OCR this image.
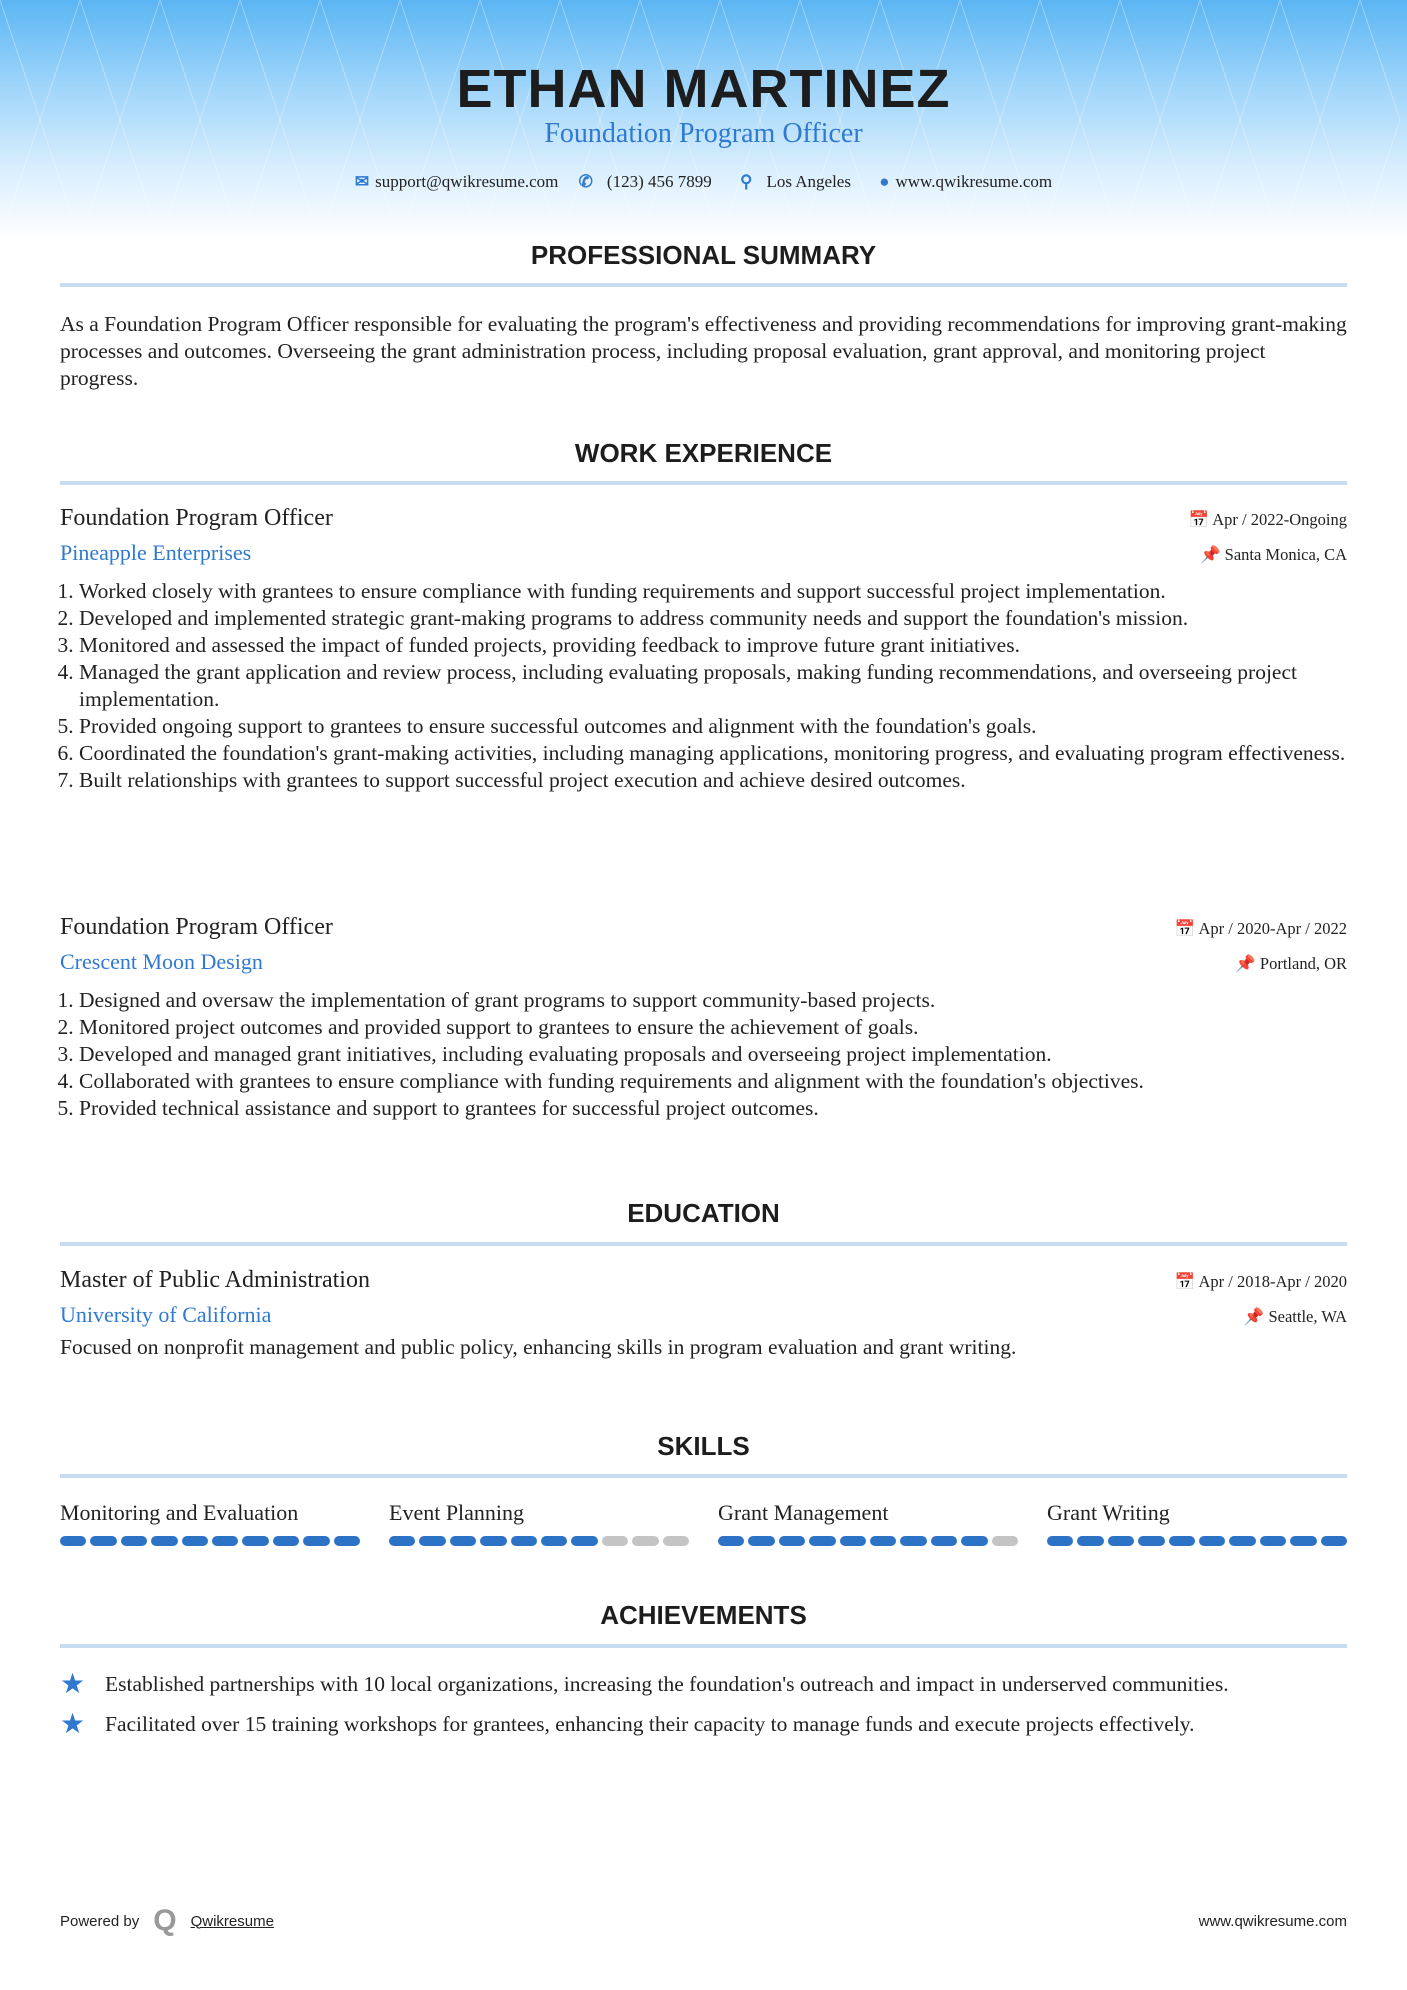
ETHAN MARTINEZ
Foundation Program Officer
✉ support@qwikresume.com ✆ (123) 456 7899 ⚲ Los Angeles ● www.qwikresume.com
PROFESSIONAL SUMMARY

As a Foundation Program Officer responsible for evaluating the program's effectiveness and providing recommendations for improving grant-making processes and outcomes. Overseeing the grant administration process, including proposal evaluation, grant approval, and monitoring project progress.

WORK EXPERIENCE
Foundation Program Officer	📅 Apr / 2022-Ongoing
Pineapple Enterprises	📌 Santa Monica, CA
1. Worked closely with grantees to ensure compliance with funding requirements and support successful project implementation.
2. Developed and implemented strategic grant-making programs to address community needs and support the foundation's mission.
3. Monitored and assessed the impact of funded projects, providing feedback to improve future grant initiatives.
4. Managed the grant application and review process, including evaluating proposals, making funding recommendations, and overseeing project implementation.
5. Provided ongoing support to grantees to ensure successful outcomes and alignment with the foundation's goals.
6. Coordinated the foundation's grant-making activities, including managing applications, monitoring progress, and evaluating program effectiveness.
7. Built relationships with grantees to support successful project execution and achieve desired outcomes.
Foundation Program Officer	📅 Apr / 2020-Apr / 2022
Crescent Moon Design	📌 Portland, OR
1. Designed and oversaw the implementation of grant programs to support community-based projects.
2. Monitored project outcomes and provided support to grantees to ensure the achievement of goals.
3. Developed and managed grant initiatives, including evaluating proposals and overseeing project implementation.
4. Collaborated with grantees to ensure compliance with funding requirements and alignment with the foundation's objectives.
5. Provided technical assistance and support to grantees for successful project outcomes.
EDUCATION
Master of Public Administration	📅 Apr / 2018-Apr / 2020
University of California	📌 Seattle, WA

Focused on nonprofit management and public policy, enhancing skills in program evaluation and grant writing.

SKILLS
Monitoring and Evaluation	Event Planning	Grant Management	Grant Writing
ACHIEVEMENTS
★ Established partnerships with 10 local organizations, increasing the foundation's outreach and impact in underserved communities.

★ Facilitated over 15 training workshops for grantees, enhancing their capacity to manage funds and execute projects effectively.

Powered by Q Qwikresume	www.qwikresume.com
